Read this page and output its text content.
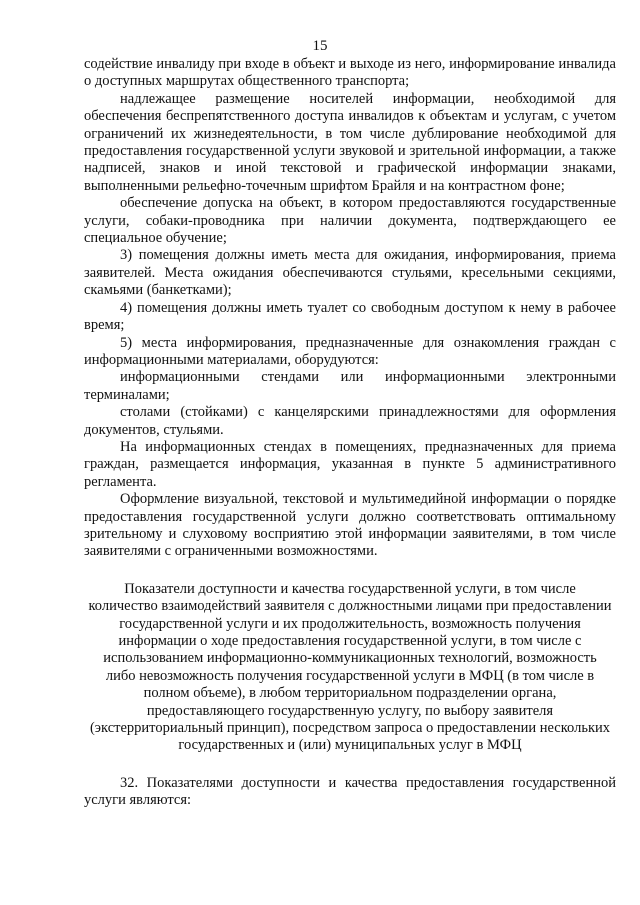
15

содействие инвалиду при входе в объект и выходе из него, информирование инвалида о доступных маршрутах общественного транспорта;

надлежащее размещение носителей информации, необходимой для обеспечения беспрепятственного доступа инвалидов к объектам и услугам, с учетом ограничений их жизнедеятельности, в том числе дублирование необходимой для предоставления государственной услуги звуковой и зрительной информации, а также надписей, знаков и иной текстовой и графической информации знаками, выполненными рельефно-точечным шрифтом Брайля и на контрастном фоне;

обеспечение допуска на объект, в котором предоставляются государственные услуги, собаки-проводника при наличии документа, подтверждающего ее специальное обучение;

3) помещения должны иметь места для ожидания, информирования, приема заявителей. Места ожидания обеспечиваются стульями, кресельными секциями, скамьями (банкетками);

4) помещения должны иметь туалет со свободным доступом к нему в рабочее время;

5) места информирования, предназначенные для ознакомления граждан с информационными материалами, оборудуются:

информационными стендами или информационными электронными терминалами;

столами (стойками) с канцелярскими принадлежностями для оформления документов, стульями.

На информационных стендах в помещениях, предназначенных для приема граждан, размещается информация, указанная в пункте 5 административного регламента.

Оформление визуальной, текстовой и мультимедийной информации о порядке предоставления государственной услуги должно соответствовать оптимальному зрительному и слуховому восприятию этой информации заявителями, в том числе заявителями с ограниченными возможностями.

Показатели доступности и качества государственной услуги, в том числе количество взаимодействий заявителя с должностными лицами при предоставлении государственной услуги и их продолжительность, возможность получения информации о ходе предоставления государственной услуги, в том числе с использованием информационно-коммуникационных технологий, возможность либо невозможность получения государственной услуги в МФЦ (в том числе в полном объеме), в любом территориальном подразделении органа, предоставляющего государственную услугу, по выбору заявителя (экстерриториальный принцип), посредством запроса о предоставлении нескольких государственных и (или) муниципальных услуг в МФЦ

32. Показателями доступности и качества предоставления государственной услуги являются:
